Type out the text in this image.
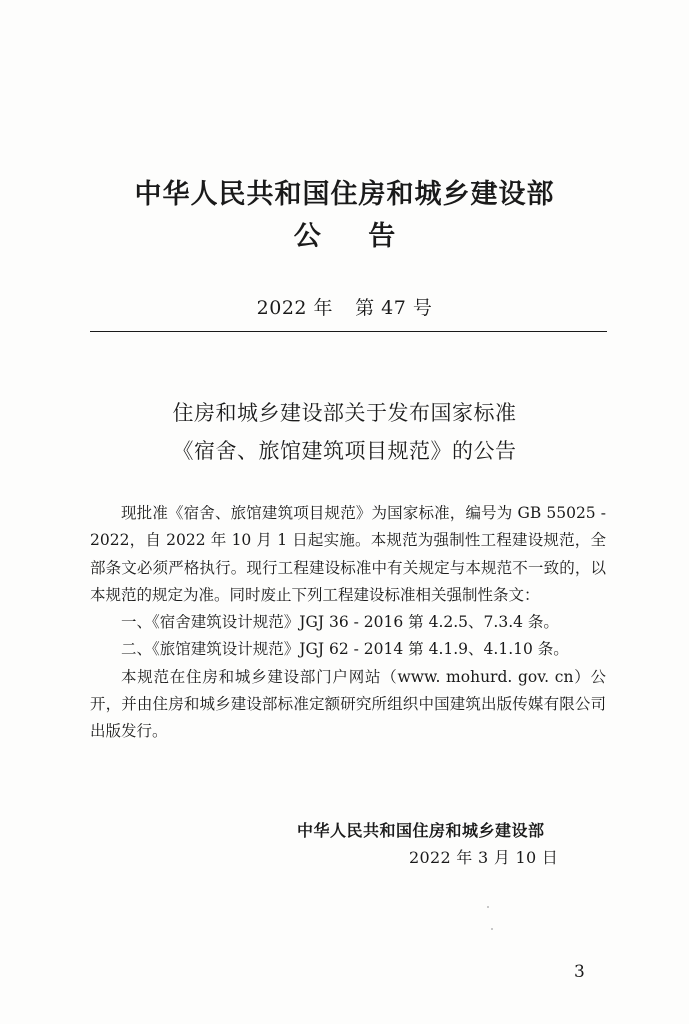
中华人民共和国住房和城乡建设部
公 告
2022 年 第 47 号
住房和城乡建设部关于发布国家标准
《宿舍、旅馆建筑项目规范》的公告

现批准《宿舍、旅馆建筑项目规范》为国家标准，编号为 GB 55025 - 2022，自 2022 年 10 月 1 日起实施。本规范为强制性工程建设规范，全部条文必须严格执行。现行工程建设标准中有关规定与本规范不一致的，以本规范的规定为准。同时废止下列工程建设标准相关强制性条文：

一、《宿舍建筑设计规范》JGJ 36 - 2016 第 4.2.5、7.3.4 条。

二、《旅馆建筑设计规范》JGJ 62 - 2014 第 4.1.9、4.1.10 条。

本规范在住房和城乡建设部门户网站（www. mohurd. gov. cn）公开，并由住房和城乡建设部标准定额研究所组织中国建筑出版传媒有限公司出版发行。

中华人民共和国住房和城乡建设部
2022 年 3 月 10 日
3
